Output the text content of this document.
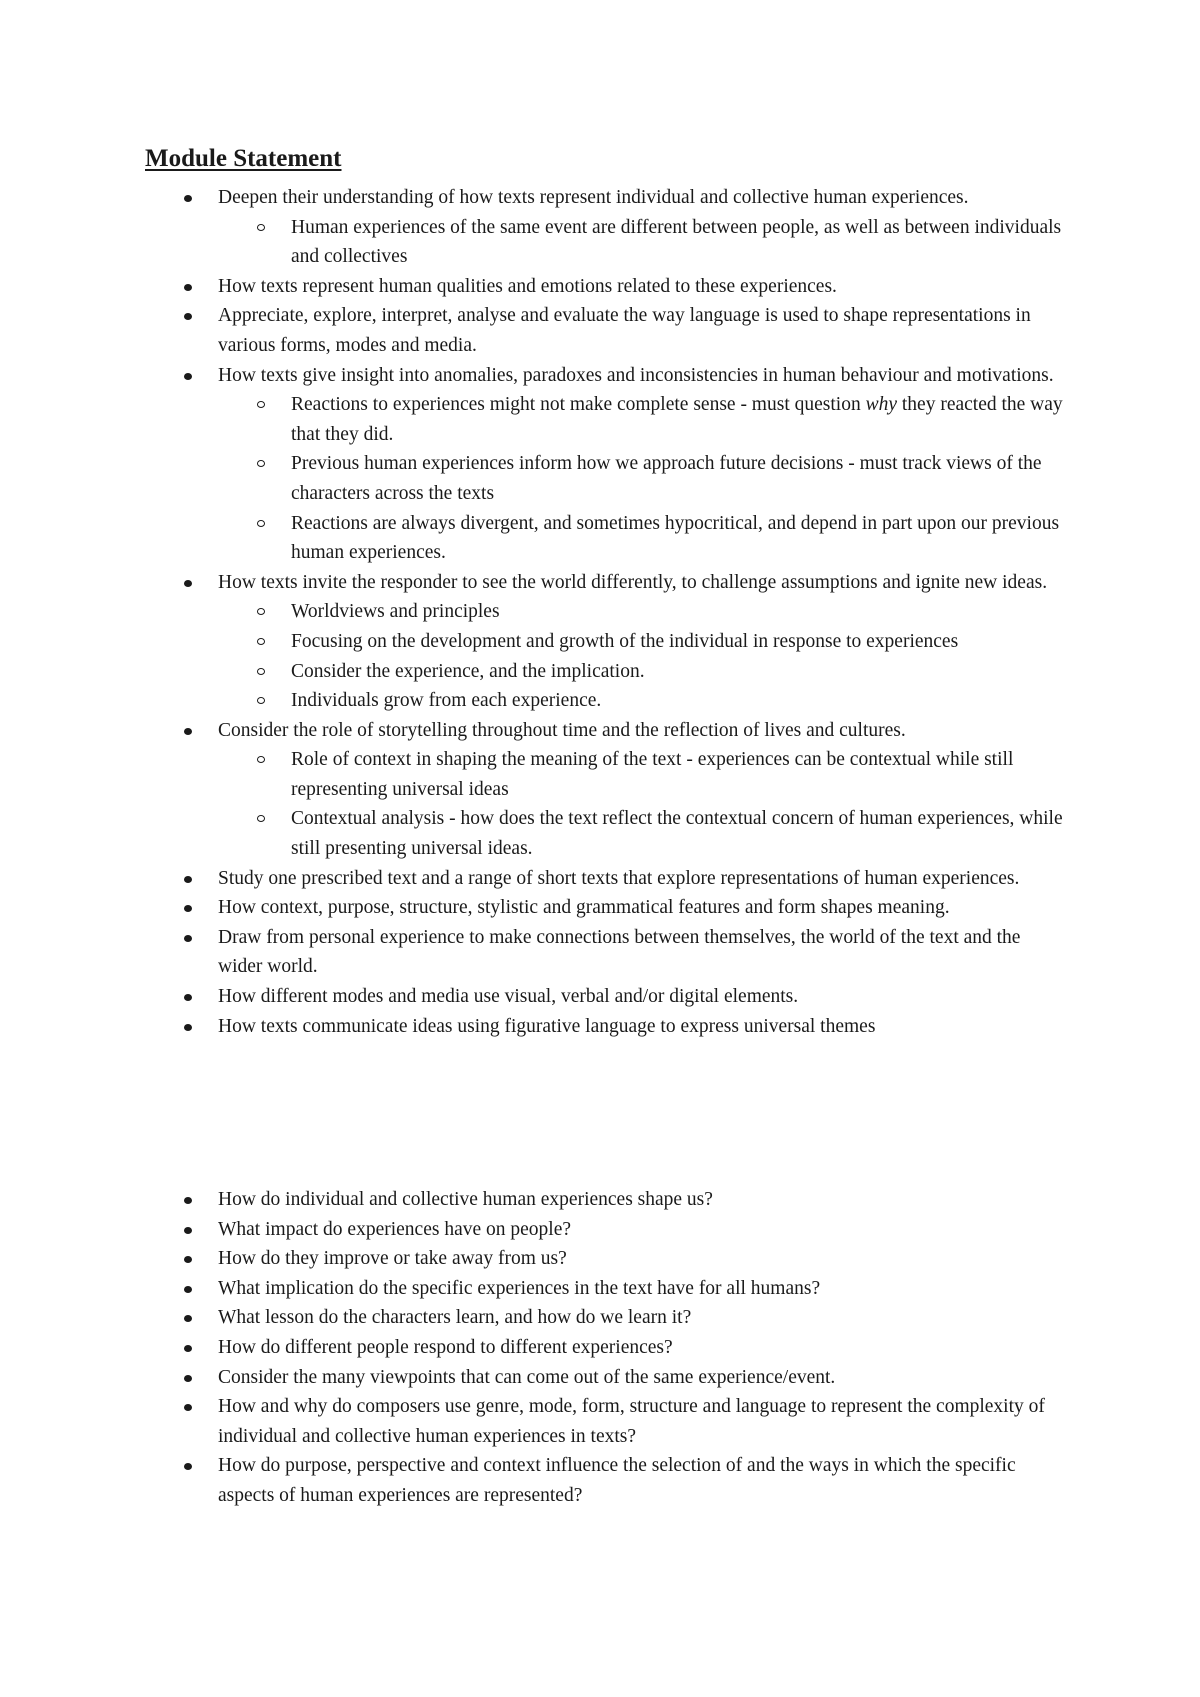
Module Statement
Deepen their understanding of how texts represent individual and collective human experiences.
Human experiences of the same event are different between people, as well as between individuals and collectives
How texts represent human qualities and emotions related to these experiences.
Appreciate, explore, interpret, analyse and evaluate the way language is used to shape representations in various forms, modes and media.
How texts give insight into anomalies, paradoxes and inconsistencies in human behaviour and motivations.
Reactions to experiences might not make complete sense - must question why they reacted the way that they did.
Previous human experiences inform how we approach future decisions - must track views of the characters across the texts
Reactions are always divergent, and sometimes hypocritical, and depend in part upon our previous human experiences.
How texts invite the responder to see the world differently, to challenge assumptions and ignite new ideas.
Worldviews and principles
Focusing on the development and growth of the individual in response to experiences
Consider the experience, and the implication.
Individuals grow from each experience.
Consider the role of storytelling throughout time and the reflection of lives and cultures.
Role of context in shaping the meaning of the text - experiences can be contextual while still representing universal ideas
Contextual analysis - how does the text reflect the contextual concern of human experiences, while still presenting universal ideas.
Study one prescribed text and a range of short texts that explore representations of human experiences.
How context, purpose, structure, stylistic and grammatical features and form shapes meaning.
Draw from personal experience to make connections between themselves, the world of the text and the wider world.
How different modes and media use visual, verbal and/or digital elements.
How texts communicate ideas using figurative language to express universal themes
How do individual and collective human experiences shape us?
What impact do experiences have on people?
How do they improve or take away from us?
What implication do the specific experiences in the text have for all humans?
What lesson do the characters learn, and how do we learn it?
How do different people respond to different experiences?
Consider the many viewpoints that can come out of the same experience/event.
How and why do composers use genre, mode, form, structure and language to represent the complexity of individual and collective human experiences in texts?
How do purpose, perspective and context influence the selection of and the ways in which the specific aspects of human experiences are represented?
